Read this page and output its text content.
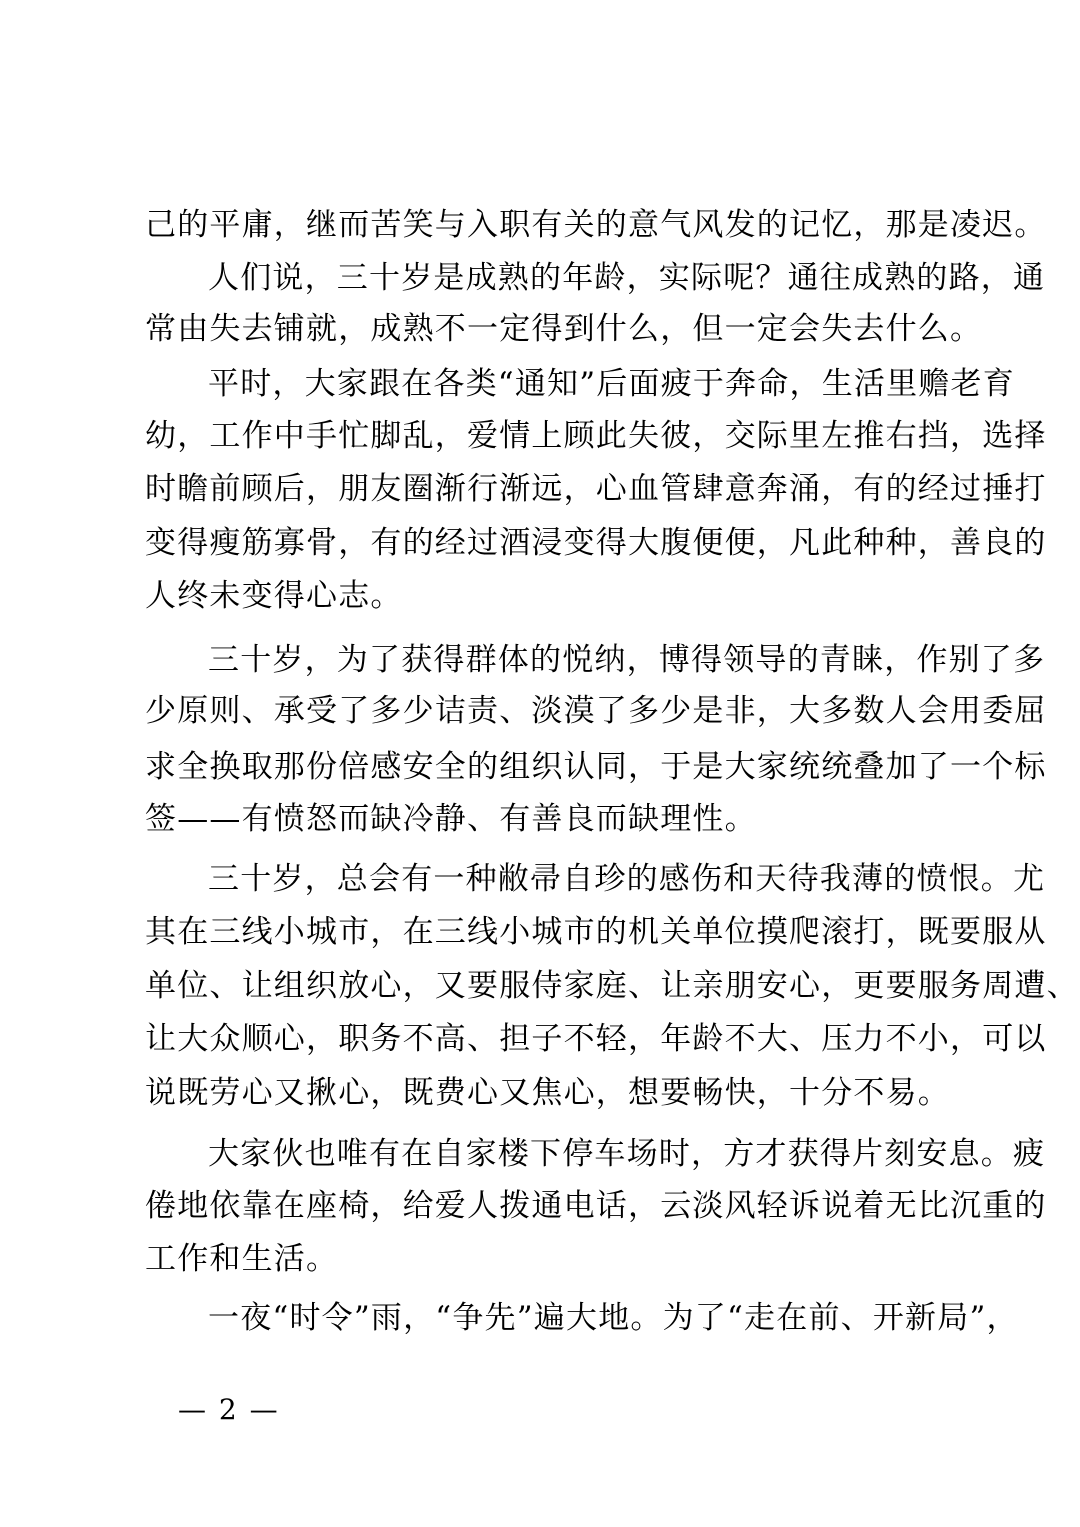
己的平庸，继而苦笑与入职有关的意气风发的记忆，那是凌迟。
人们说，三十岁是成熟的年龄，实际呢？通往成熟的路，通
常由失去铺就，成熟不一定得到什么，但一定会失去什么。
平时，大家跟在各类“通知”后面疲于奔命，生活里赡老育
幼，工作中手忙脚乱，爱情上顾此失彼，交际里左推右挡，选择
时瞻前顾后，朋友圈渐行渐远，心血管肆意奔涌，有的经过捶打
变得瘦筋寡骨，有的经过酒浸变得大腹便便，凡此种种，善良的
人终未变得心志。
三十岁，为了获得群体的悦纳，博得领导的青睐，作别了多
少原则、承受了多少诘责、淡漠了多少是非，大多数人会用委屈
求全换取那份倍感安全的组织认同，于是大家统统叠加了一个标
签——有愤怒而缺冷静、有善良而缺理性。
三十岁，总会有一种敝帚自珍的感伤和天待我薄的愤恨。尤
其在三线小城市，在三线小城市的机关单位摸爬滚打，既要服从
单位、让组织放心，又要服侍家庭、让亲朋安心，更要服务周遭、
让大众顺心，职务不高、担子不轻，年龄不大、压力不小，可以
说既劳心又揪心，既费心又焦心，想要畅快，十分不易。
大家伙也唯有在自家楼下停车场时，方才获得片刻安息。疲
倦地依靠在座椅，给爱人拨通电话，云淡风轻诉说着无比沉重的
工作和生活。
一夜“时令”雨，“争先”遍大地。为了“走在前、开新局”，
— 2 —
